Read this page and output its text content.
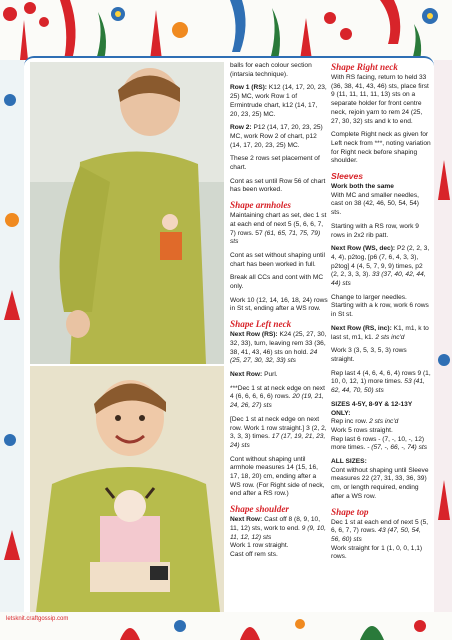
balls for each colour section (intarsia technique).

Row 1 (RS): K12 (14, 17, 20, 23, 25) MC, work Row 1 of Ermintrude chart, k12 (14, 17, 20, 23, 25) MC.

Row 2: P12 (14, 17, 20, 23, 25) MC, work Row 2 of chart, p12 (14, 17, 20, 23, 25) MC.

These 2 rows set placement of chart.

Cont as set until Row 56 of chart has been worked.

Shape armholes

Maintaining chart as set, dec 1 st at each end of next 5 (5, 6, 6, 7, 7) rows. 57 (61, 65, 71, 75, 79) sts

Cont as set without shaping until chart has been worked in full.

Break all CCs and cont with MC only.

Work 10 (12, 14, 16, 18, 24) rows in St st, ending after a WS row.

Shape Left neck

Next Row (RS): K24 (25, 27, 30, 32, 33), turn, leaving rem 33 (36, 38, 41, 43, 46) sts on hold. 24 (25, 27, 30, 32, 33) sts

Next Row: Purl.

***Dec 1 st at neck edge on next 4 (6, 6, 6, 6, 6) rows. 20 (19, 21, 24, 26, 27) sts

[Dec 1 st at neck edge on next row. Work 1 row straight.] 3 (2, 2, 3, 3, 3) times. 17 (17, 19, 21, 23, 24) sts

Cont without shaping until armhole measures 14 (15, 16, 17, 18, 20) cm, ending after a WS row. (For Right side of neck, end after a RS row.)

Shape shoulder

Next Row: Cast off 8 (8, 9, 10, 11, 12) sts, work to end. 9 (9, 10, 11, 12, 12) sts

Work 1 row straight.

Cast off rem sts.

Shape Right neck

With RS facing, return to held 33 (36, 38, 41, 43, 46) sts, place first 9 (11, 11, 11, 11, 13) sts on a separate holder for front centre neck, rejoin yarn to rem 24 (25, 27, 30, 32) sts and k to end.

Complete Right neck as given for Left neck from ***, noting variation for Right neck before shaping shoulder.

Sleeves

Work both the same

With MC and smaller needles, cast on 38 (42, 46, 50, 54, 54) sts.

Starting with a RS row, work 9 rows in 2x2 rib patt.

Next Row (WS, dec): P2 (2, 2, 3, 4, 4), p2tog, [p6 (7, 6, 4, 3, 3), p2tog] 4 (4, 5, 7, 9, 9) times, p2 (2, 2, 3, 3, 3). 33 (37, 40, 42, 44, 44) sts

Change to larger needles. Starting with a k row, work 6 rows in St st.

Next Row (RS, inc): K1, m1, k to last st, m1, k1. 2 sts inc'd

Work 3 (3, 5, 3, 5, 3) rows straight.

Rep last 4 (4, 6, 4, 6, 4) rows 9 (1, 10, 0, 12, 1) more times. 53 (41, 62, 44, 70, 50) sts

SIZES 4-5Y, 8-9Y & 12-13Y ONLY:

Rep inc row. 2 sts inc'd

Work 5 rows straight.

Rep last 6 rows - (7, -, 10, -, 12) more times. - (57, -, 66, -, 74) sts

ALL SIZES:

Cont without shaping until Sleeve measures 22 (27, 31, 33, 36, 39) cm, or length required, ending after a WS row.

Shape top

Dec 1 st at each end of next 5 (5, 6, 6, 7, 7) rows. 43 (47, 50, 54, 56, 60) sts

Work straight for 1 (1, 0, 0, 1,1) rows.

letsknit.craftgossip.com
